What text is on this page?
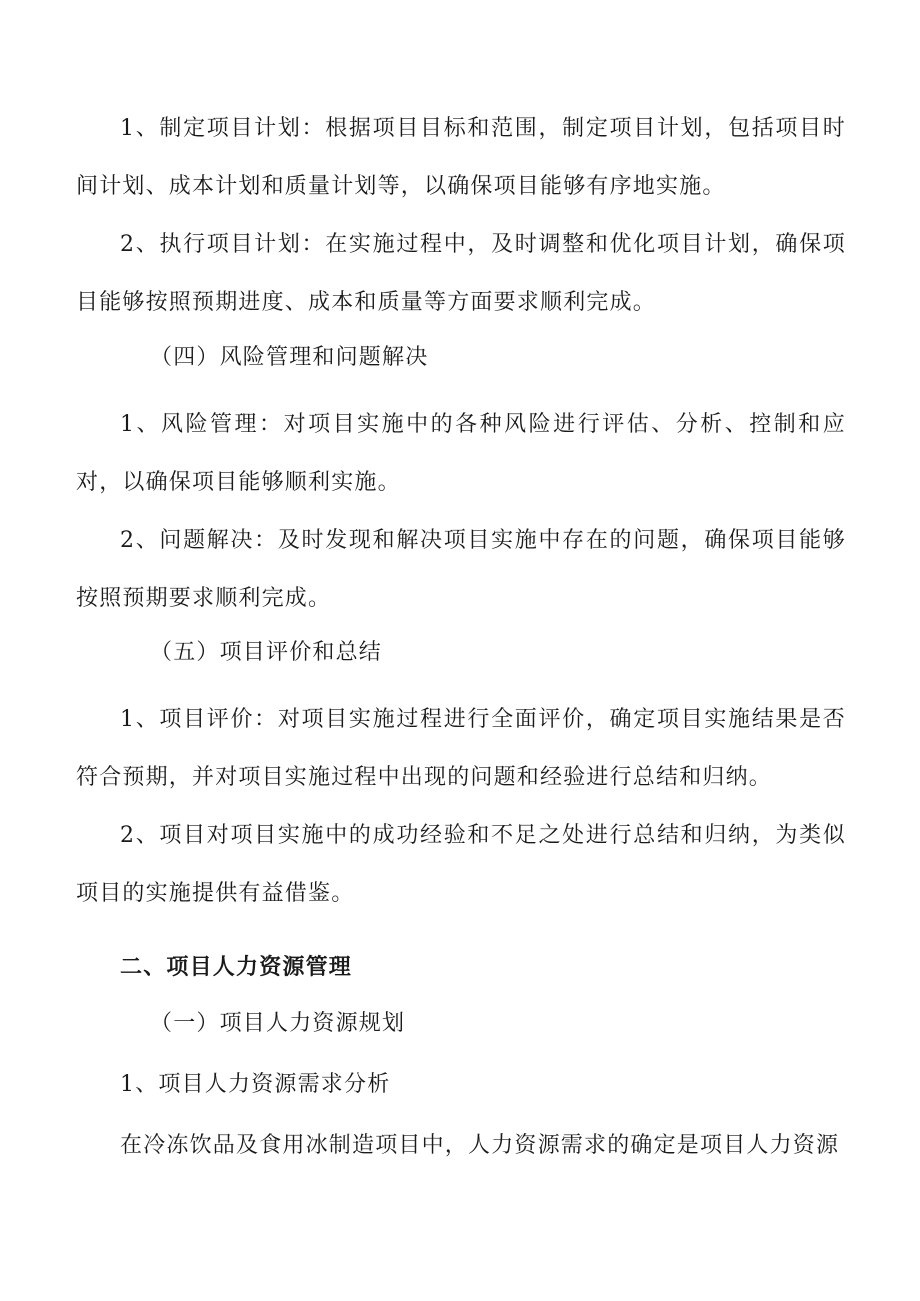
1、制定项目计划：根据项目目标和范围，制定项目计划，包括项目时间计划、成本计划和质量计划等，以确保项目能够有序地实施。

2、执行项目计划：在实施过程中，及时调整和优化项目计划，确保项目能够按照预期进度、成本和质量等方面要求顺利完成。

（四）风险管理和问题解决

1、风险管理：对项目实施中的各种风险进行评估、分析、控制和应对，以确保项目能够顺利实施。

2、问题解决：及时发现和解决项目实施中存在的问题，确保项目能够按照预期要求顺利完成。

（五）项目评价和总结

1、项目评价：对项目实施过程进行全面评价，确定项目实施结果是否符合预期，并对项目实施过程中出现的问题和经验进行总结和归纳。

2、项目对项目实施中的成功经验和不足之处进行总结和归纳，为类似项目的实施提供有益借鉴。

二、项目人力资源管理

（一）项目人力资源规划

1、项目人力资源需求分析

在冷冻饮品及食用冰制造项目中，人力资源需求的确定是项目人力资源
